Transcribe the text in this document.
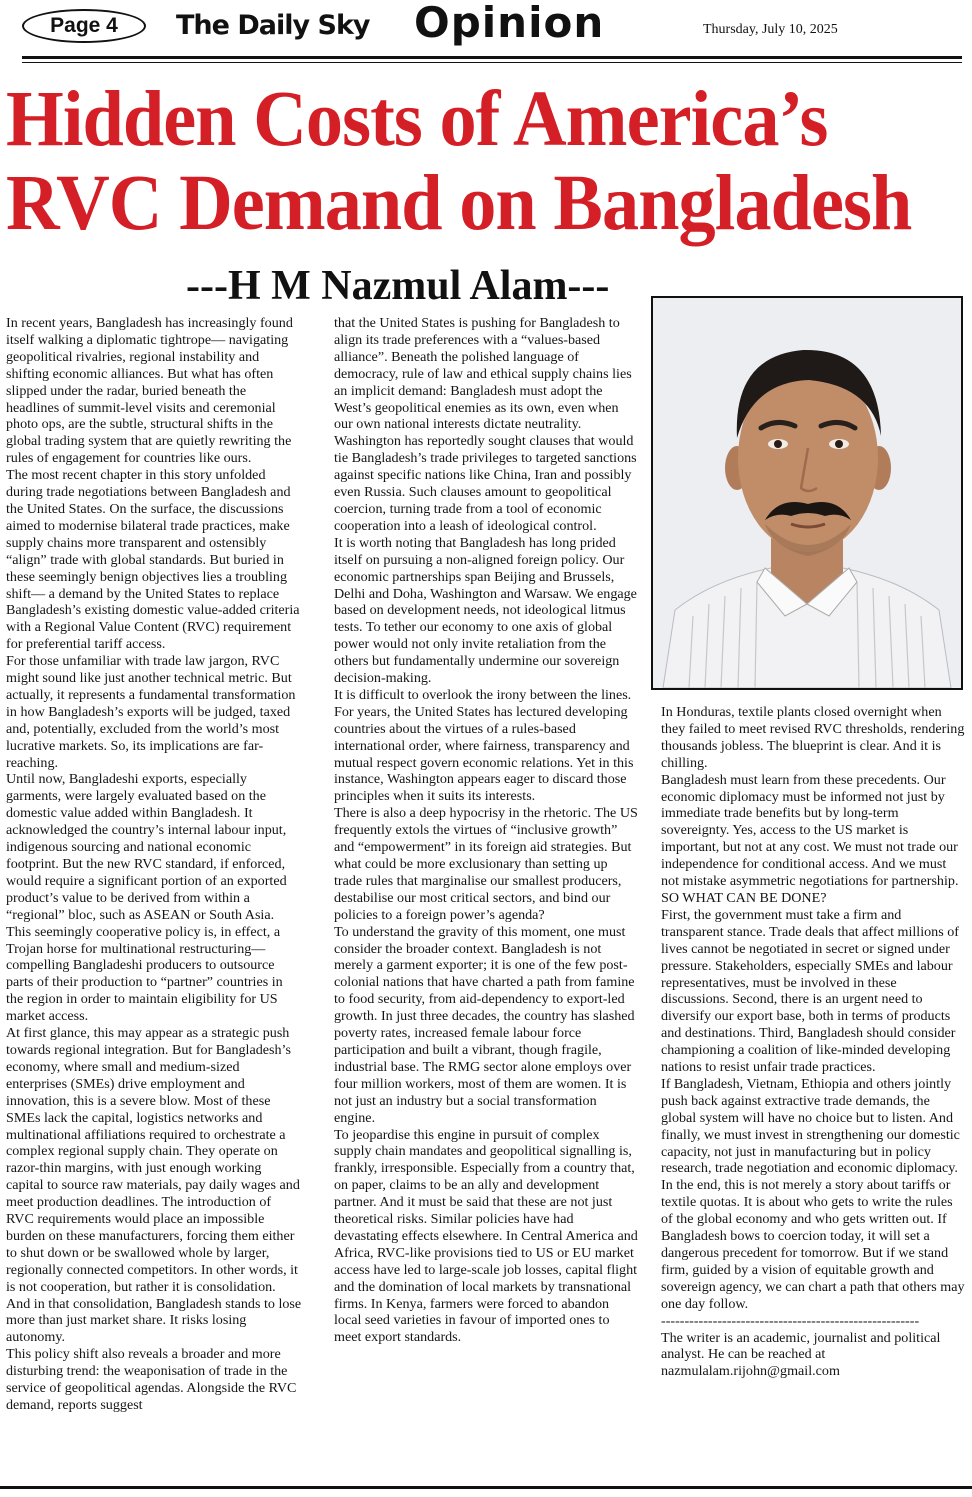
Page 4 The Daily Sky Opinion	Thursday, July 10, 2025
Hidden Costs of America’s
RVC Demand on Bangladesh
---H M Nazmul Alam---

In recent years, Bangladesh has increasingly found itself walking a diplomatic tightrope— navigating geopolitical rivalries, regional instability and shifting economic alliances. But what has often slipped under the radar, buried beneath the headlines of summit-level visits and ceremonial photo ops, are the subtle, structural shifts in the global trading system that are quietly rewriting the rules of engagement for countries like ours.

The most recent chapter in this story unfolded during trade negotiations between Bangladesh and the United States. On the surface, the discussions aimed to modernise bilateral trade practices, make supply chains more transparent and ostensibly “align” trade with global standards. But buried in these seemingly benign objectives lies a troubling shift— a demand by the United States to replace Bangladesh’s existing domestic value-added criteria with a Regional Value Content (RVC) requirement for preferential tariff access.

For those unfamiliar with trade law jargon, RVC might sound like just another technical metric. But actually, it represents a fundamental transformation in how Bangladesh’s exports will be judged, taxed and, potentially, excluded from the world’s most lucrative markets. So, its implications are far-reaching.

Until now, Bangladeshi exports, especially garments, were largely evaluated based on the domestic value added within Bangladesh. It acknowledged the country’s internal labour input, indigenous sourcing and national economic footprint. But the new RVC standard, if enforced, would require a significant portion of an exported product’s value to be derived from within a “regional” bloc, such as ASEAN or South Asia. This seemingly cooperative policy is, in effect, a Trojan horse for multinational restructuring— compelling Bangladeshi producers to outsource parts of their production to “partner” countries in the region in order to maintain eligibility for US market access.

At first glance, this may appear as a strategic push towards regional integration. But for Bangladesh’s economy, where small and medium-sized enterprises (SMEs) drive employment and innovation, this is a severe blow. Most of these SMEs lack the capital, logistics networks and multinational affiliations required to orchestrate a complex regional supply chain. They operate on razor-thin margins, with just enough working capital to source raw materials, pay daily wages and meet production deadlines. The introduction of RVC requirements would place an impossible burden on these manufacturers, forcing them either to shut down or be swallowed whole by larger, regionally connected competitors. In other words, it is not cooperation, but rather it is consolidation. And in that consolidation, Bangladesh stands to lose more than just market share. It risks losing autonomy.

This policy shift also reveals a broader and more disturbing trend: the weaponisation of trade in the service of geopolitical agendas. Alongside the RVC demand, reports suggest

that the United States is pushing for Bangladesh to align its trade preferences with a “values-based alliance”. Beneath the polished language of democracy, rule of law and ethical supply chains lies an implicit demand: Bangladesh must adopt the West’s geopolitical enemies as its own, even when our own national interests dictate neutrality.

Washington has reportedly sought clauses that would tie Bangladesh’s trade privileges to targeted sanctions against specific nations like China, Iran and possibly even Russia. Such clauses amount to geopolitical coercion, turning trade from a tool of economic cooperation into a leash of ideological control.

It is worth noting that Bangladesh has long prided itself on pursuing a non-aligned foreign policy. Our economic partnerships span Beijing and Brussels, Delhi and Doha, Washington and Warsaw. We engage based on development needs, not ideological litmus tests. To tether our economy to one axis of global power would not only invite retaliation from the others but fundamentally undermine our sovereign decision-making.

It is difficult to overlook the irony between the lines. For years, the United States has lectured developing countries about the virtues of a rules-based international order, where fairness, transparency and mutual respect govern economic relations. Yet in this instance, Washington appears eager to discard those principles when it suits its interests.

There is also a deep hypocrisy in the rhetoric. The US frequently extols the virtues of “inclusive growth” and “empowerment” in its foreign aid strategies. But what could be more exclusionary than setting up trade rules that marginalise our smallest producers, destabilise our most critical sectors, and bind our policies to a foreign power’s agenda?

To understand the gravity of this moment, one must consider the broader context. Bangladesh is not merely a garment exporter; it is one of the few post-colonial nations that have charted a path from famine to food security, from aid-dependency to export-led growth. In just three decades, the country has slashed poverty rates, increased female labour force participation and built a vibrant, though fragile, industrial base. The RMG sector alone employs over four million workers, most of them are women. It is not just an industry but a social transformation engine.

To jeopardise this engine in pursuit of complex supply chain mandates and geopolitical signalling is, frankly, irresponsible. Especially from a country that, on paper, claims to be an ally and development partner. And it must be said that these are not just theoretical risks. Similar policies have had devastating effects elsewhere. In Central America and Africa, RVC-like provisions tied to US or EU market access have led to large-scale job losses, capital flight and the domination of local markets by transnational firms. In Kenya, farmers were forced to abandon local seed varieties in favour of imported ones to meet export standards.

In Honduras, textile plants closed overnight when they failed to meet revised RVC thresholds, rendering thousands jobless. The blueprint is clear. And it is chilling.

Bangladesh must learn from these precedents. Our economic diplomacy must be informed not just by immediate trade benefits but by long-term sovereignty. Yes, access to the US market is important, but not at any cost. We must not trade our independence for conditional access. And we must not mistake asymmetric negotiations for partnership.

SO WHAT CAN BE DONE?

First, the government must take a firm and transparent stance. Trade deals that affect millions of lives cannot be negotiated in secret or signed under pressure. Stakeholders, especially SMEs and labour representatives, must be involved in these discussions. Second, there is an urgent need to diversify our export base, both in terms of products and destinations. Third, Bangladesh should consider championing a coalition of like-minded developing nations to resist unfair trade practices.

If Bangladesh, Vietnam, Ethiopia and others jointly push back against extractive trade demands, the global system will have no choice but to listen. And finally, we must invest in strengthening our domestic capacity, not just in manufacturing but in policy research, trade negotiation and economic diplomacy.

In the end, this is not merely a story about tariffs or textile quotas. It is about who gets to write the rules of the global economy and who gets written out. If Bangladesh bows to coercion today, it will set a dangerous precedent for tomorrow. But if we stand firm, guided by a vision of equitable growth and sovereign agency, we can chart a path that others may one day follow.

-------------------------------------------------------

The writer is an academic, journalist and political analyst. He can be reached at nazmulalam.rijohn@gmail.com
